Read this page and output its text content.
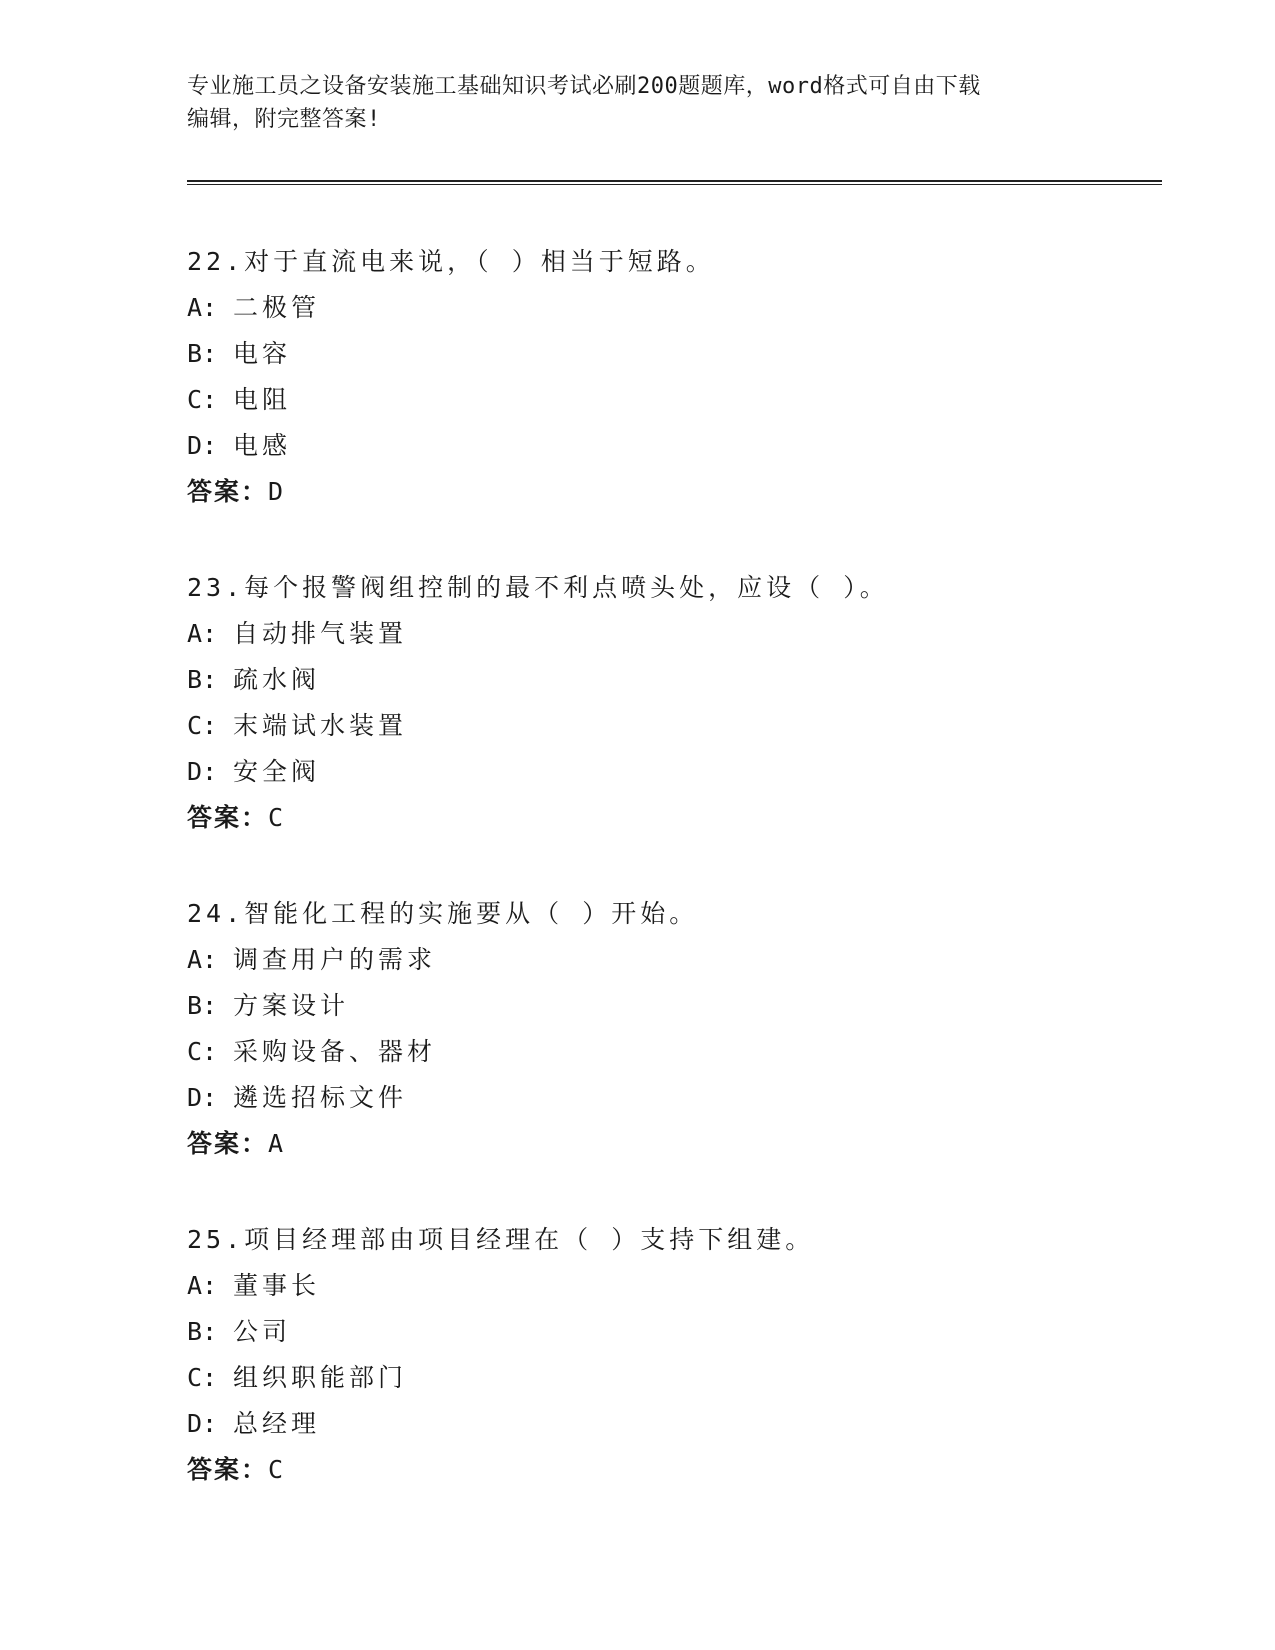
专业施工员之设备安装施工基础知识考试必刷200题题库，word格式可自由下载
编辑，附完整答案!
22.对于直流电来说，（ ）相当于短路。
A: 二极管
B: 电容
C: 电阻
D: 电感
答案：D
23.每个报警阀组控制的最不利点喷头处，应设（ ）。
A: 自动排气装置
B: 疏水阀
C: 末端试水装置
D: 安全阀
答案：C
24.智能化工程的实施要从（ ）开始。
A: 调查用户的需求
B: 方案设计
C: 采购设备、器材
D: 遴选招标文件
答案：A
25.项目经理部由项目经理在（ ）支持下组建。
A: 董事长
B: 公司
C: 组织职能部门
D: 总经理
答案：C
